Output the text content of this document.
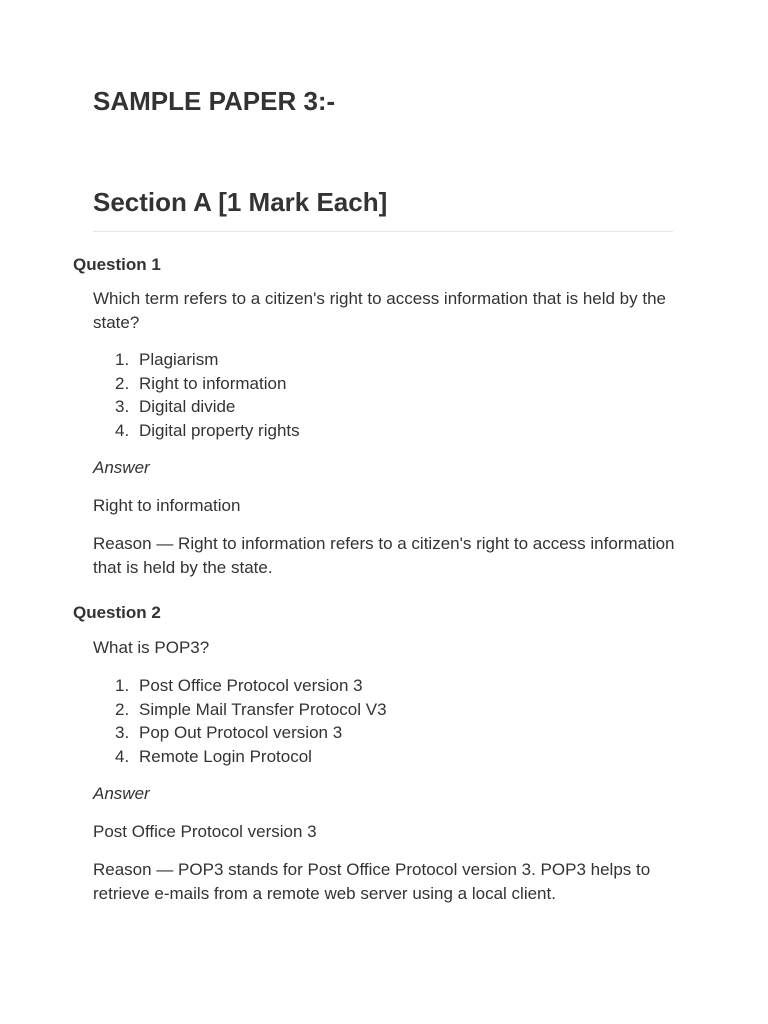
SAMPLE PAPER 3:-
Section A [1 Mark Each]
Question 1

Which term refers to a citizen's right to access information that is held by the state?

1. Plagiarism
2. Right to information
3. Digital divide
4. Digital property rights

Answer

Right to information

Reason — Right to information refers to a citizen's right to access information that is held by the state.

Question 2

What is POP3?

1. Post Office Protocol version 3
2. Simple Mail Transfer Protocol V3
3. Pop Out Protocol version 3
4. Remote Login Protocol

Answer

Post Office Protocol version 3

Reason — POP3 stands for Post Office Protocol version 3. POP3 helps to retrieve e-mails from a remote web server using a local client.
